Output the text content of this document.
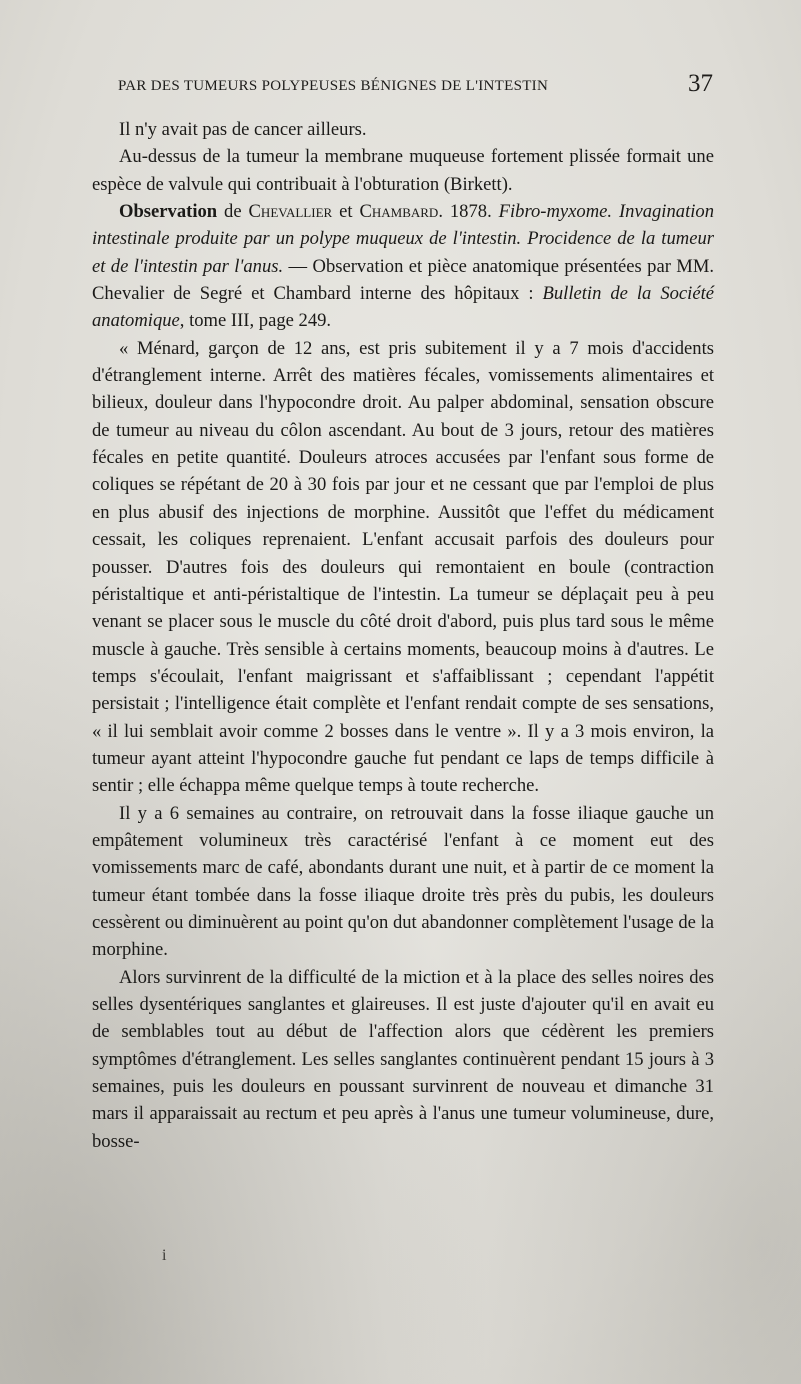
PAR DES TUMEURS POLYPEUSES BÉNIGNES DE L'INTESTIN	37

Il n'y avait pas de cancer ailleurs.

Au-dessus de la tumeur la membrane muqueuse fortement plissée formait une espèce de valvule qui contribuait à l'obturation (Birkett).

Observation de Chevallier et Chambard. 1878. Fibro-myxome. Invagination intestinale produite par un polype muqueux de l'intestin. Procidence de la tumeur et de l'intestin par l'anus. — Observation et pièce anatomique présentées par MM. Chevalier de Segré et Chambard interne des hôpitaux : Bulletin de la Société anatomique, tome III, page 249.

« Ménard, garçon de 12 ans, est pris subitement il y a 7 mois d'accidents d'étranglement interne. Arrêt des matières fécales, vomissements alimentaires et bilieux, douleur dans l'hypocondre droit. Au palper abdominal, sensation obscure de tumeur au niveau du côlon ascendant. Au bout de 3 jours, retour des matières fécales en petite quantité. Douleurs atroces accusées par l'enfant sous forme de coliques se répétant de 20 à 30 fois par jour et ne cessant que par l'emploi de plus en plus abusif des injections de morphine. Aussitôt que l'effet du médicament cessait, les coliques reprenaient. L'enfant accusait parfois des douleurs pour pousser. D'autres fois des douleurs qui remontaient en boule (contraction péristaltique et anti-péristaltique de l'intestin. La tumeur se déplaçait peu à peu venant se placer sous le muscle du côté droit d'abord, puis plus tard sous le même muscle à gauche. Très sensible à certains moments, beaucoup moins à d'autres. Le temps s'écoulait, l'enfant maigrissant et s'affaiblissant ; cependant l'appétit persistait ; l'intelligence était complète et l'enfant rendait compte de ses sensations, « il lui semblait avoir comme 2 bosses dans le ventre ». Il y a 3 mois environ, la tumeur ayant atteint l'hypocondre gauche fut pendant ce laps de temps difficile à sentir ; elle échappa même quelque temps à toute recherche.

Il y a 6 semaines au contraire, on retrouvait dans la fosse iliaque gauche un empâtement volumineux très caractérisé l'enfant à ce moment eut des vomissements marc de café, abondants durant une nuit, et à partir de ce moment la tumeur étant tombée dans la fosse iliaque droite très près du pubis, les douleurs cessèrent ou diminuèrent au point qu'on dut abandonner complètement l'usage de la morphine.

Alors survinrent de la difficulté de la miction et à la place des selles noires des selles dysentériques sanglantes et glaireuses. Il est juste d'ajouter qu'il en avait eu de semblables tout au début de l'affection alors que cédèrent les premiers symptômes d'étranglement. Les selles sanglantes continuèrent pendant 15 jours à 3 semaines, puis les douleurs en poussant survinrent de nouveau et dimanche 31 mars il apparaissait au rectum et peu après à l'anus une tumeur volumineuse, dure, bosse-

i
